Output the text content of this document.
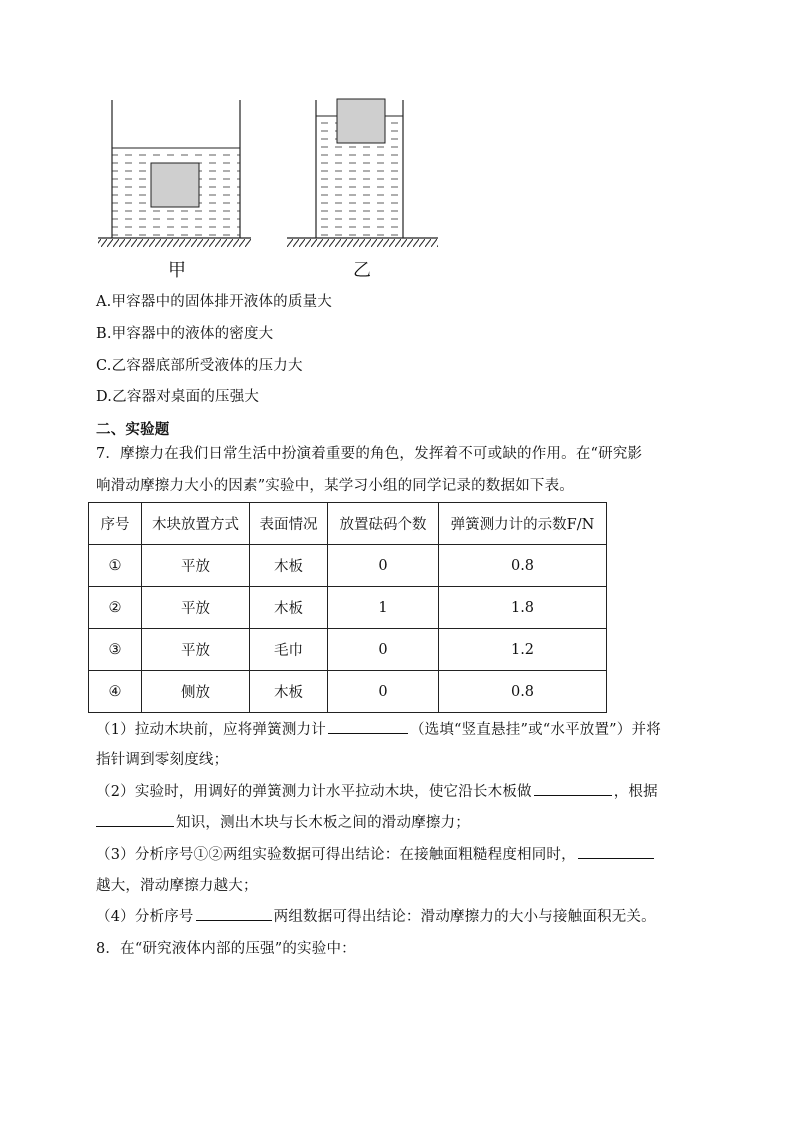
甲	乙
A.甲容器中的固体排开液体的质量大
B.甲容器中的液体的密度大
C.乙容器底部所受液体的压力大
D.乙容器对桌面的压强大
二、实验题
7．摩擦力在我们日常生活中扮演着重要的角色，发挥着不可或缺的作用。在“研究影
响滑动摩擦力大小的因素”实验中，某学习小组的同学记录的数据如下表。
序号	木块放置方式	表面情况	放置砝码个数	弹簧测力计的示数F/N
①	平放	木板	0	0.8
②	平放	木板	1	1.8
③	平放	毛巾	0	1.2
④	侧放	木板	0	0.8
（1）拉动木块前，应将弹簧测力计	（选填“竖直悬挂”或“水平放置”）并将
指针调到零刻度线；
（2）实验时，用调好的弹簧测力计水平拉动木块，使它沿长木板做	，根据
知识，测出木块与长木板之间的滑动摩擦力；
（3）分析序号①②两组实验数据可得出结论：在接触面粗糙程度相同时，
越大，滑动摩擦力越大；
（4）分析序号	两组数据可得出结论：滑动摩擦力的大小与接触面积无关。
8．在“研究液体内部的压强”的实验中：
